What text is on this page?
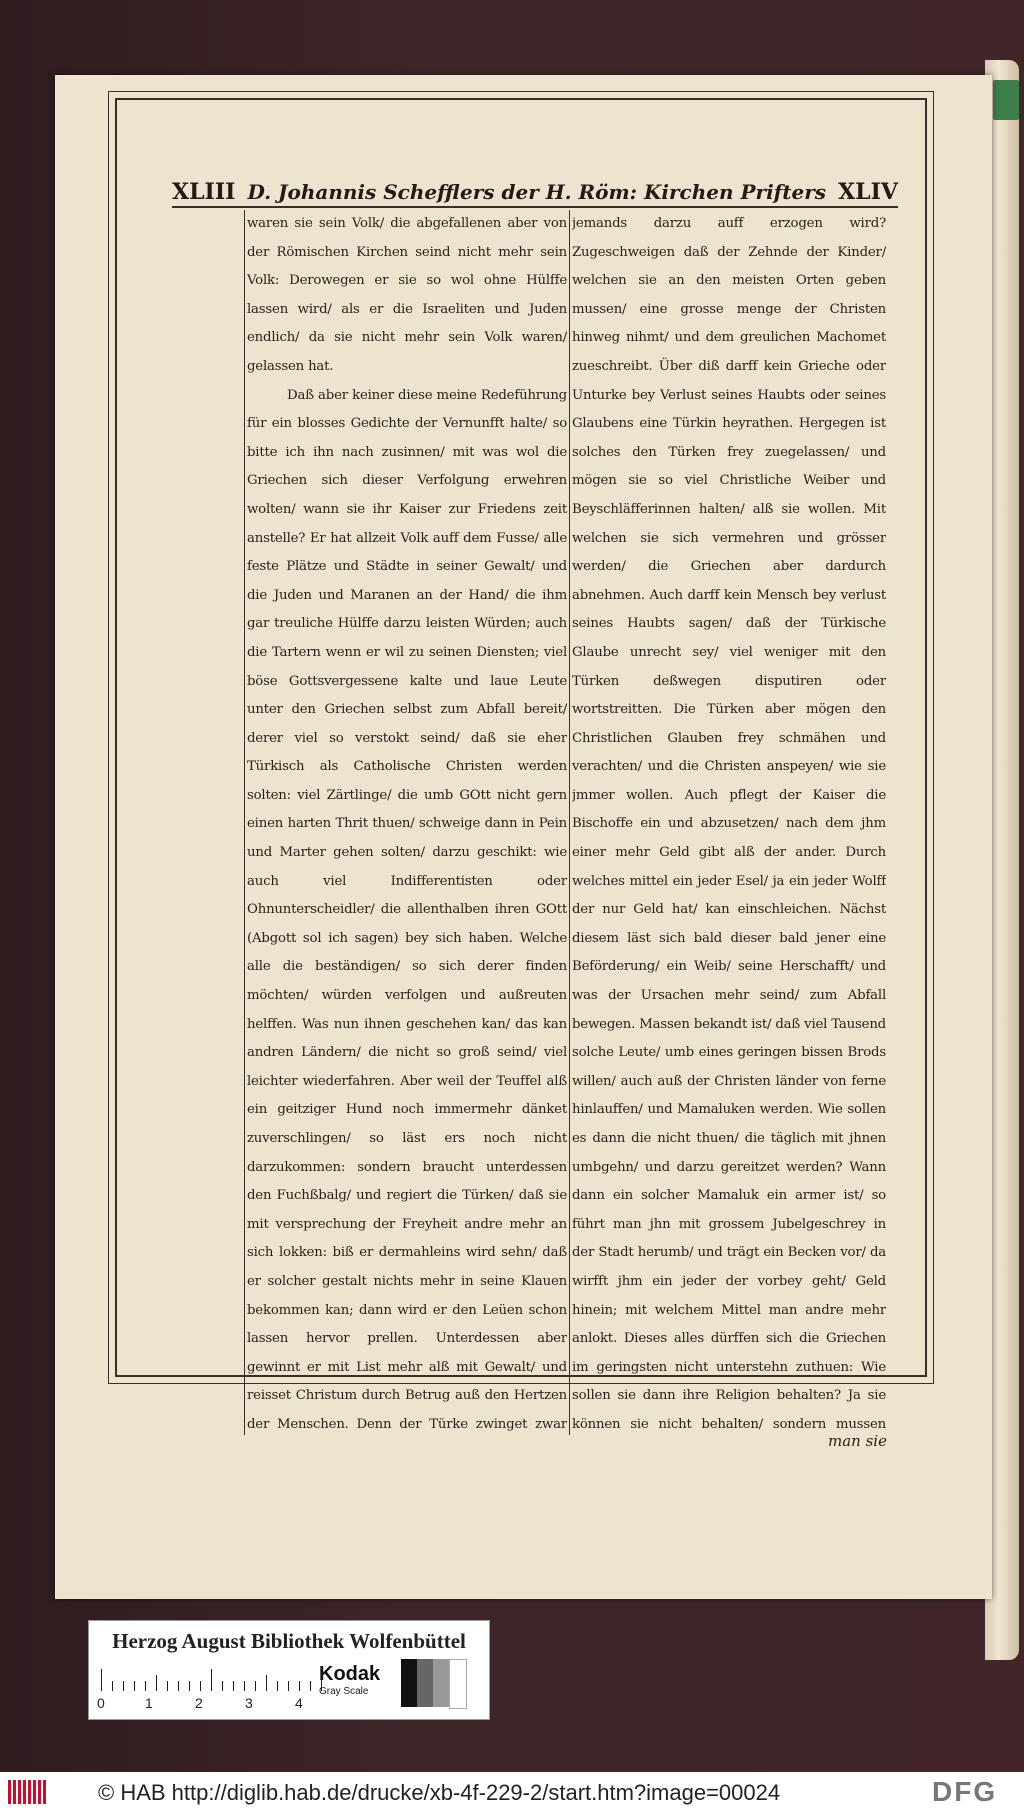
XLIII D. Johannis Schefflers der H. Röm: Kirchen Prifters XLIV

waren sie sein Volk/ die abgefallenen aber von der Römischen Kirchen seind nicht mehr sein Volk: Derowegen er sie so wol ohne Hülffe lassen wird/ als er die Israeliten und Juden endlich/ da sie nicht mehr sein Volk waren/ gelassen hat.

Daß aber keiner diese meine Redeführung für ein blosses Gedichte der Vernunfft halte/ so bitte ich ihn nach zusinnen/ mit was wol die Griechen sich dieser Verfolgung erwehren wolten/ wann sie ihr Kaiser zur Friedens zeit anstelle? Er hat allzeit Volk auff dem Fusse/ alle feste Plätze und Städte in seiner Gewalt/ und die Juden und Maranen an der Hand/ die ihm gar treuliche Hülffe darzu leisten Würden; auch die Tartern wenn er wil zu seinen Diensten; viel böse Gottsvergessene kalte und laue Leute unter den Griechen selbst zum Abfall bereit/ derer viel so verstokt seind/ daß sie eher Türkisch als Catholische Christen werden solten: viel Zärtlinge/ die umb GOtt nicht gern einen harten Thrit thuen/ schweige dann in Pein und Marter gehen solten/ darzu geschikt: wie auch viel Indifferentisten oder Ohnunterscheidler/ die allenthalben ihren GOtt (Abgott sol ich sagen) bey sich haben. Welche alle die beständigen/ so sich derer finden möchten/ würden verfolgen und außreuten helffen. Was nun ihnen geschehen kan/ das kan andren Ländern/ die nicht so groß seind/ viel leichter wiederfahren. Aber weil der Teuffel alß ein geitziger Hund noch immermehr dänket zuverschlingen/ so läst ers noch nicht darzukommen: sondern braucht unterdessen den Fuchßbalg/ und regiert die Türken/ daß sie mit versprechung der Freyheit andre mehr an sich lokken: biß er dermahleins wird sehn/ daß er solcher gestalt nichts mehr in seine Klauen bekommen kan; dann wird er den Leüen schon lassen hervor prellen. Unterdessen aber gewinnt er mit List mehr alß mit Gewalt/ und reisset Christum durch Betrug auß den Hertzen der Menschen. Denn der Türke zwinget zwar

jemands darzu auff erzogen wird? Zugeschweigen daß der Zehnde der Kinder/ welchen sie an den meisten Orten geben mussen/ eine grosse menge der Christen hinweg nihmt/ und dem greulichen Machomet zueschreibt. Über diß darff kein Grieche oder Unturke bey Verlust seines Haubts oder seines Glaubens eine Türkin heyrathen. Hergegen ist solches den Türken frey zuegelassen/ und mögen sie so viel Christliche Weiber und Beyschläfferinnen halten/ alß sie wollen. Mit welchen sie sich vermehren und grösser werden/ die Griechen aber dardurch abnehmen. Auch darff kein Mensch bey verlust seines Haubts sagen/ daß der Türkische Glaube unrecht sey/ viel weniger mit den Türken deßwegen disputiren oder wortstreitten. Die Türken aber mögen den Christlichen Glauben frey schmähen und verachten/ und die Christen anspeyen/ wie sie jmmer wollen. Auch pflegt der Kaiser die Bischoffe ein und abzusetzen/ nach dem jhm einer mehr Geld gibt alß der ander. Durch welches mittel ein jeder Esel/ ja ein jeder Wolff der nur Geld hat/ kan einschleichen. Nächst diesem läst sich bald dieser bald jener eine Beförderung/ ein Weib/ seine Herschafft/ und was der Ursachen mehr seind/ zum Abfall bewegen. Massen bekandt ist/ daß viel Tausend solche Leute/ umb eines geringen bissen Brods willen/ auch auß der Christen länder von ferne hinlauffen/ und Mamaluken werden. Wie sollen es dann die nicht thuen/ die täglich mit jhnen umbgehn/ und darzu gereitzet werden? Wann dann ein solcher Mamaluk ein armer ist/ so führt man jhn mit grossem Jubelgeschrey in der Stadt herumb/ und trägt ein Becken vor/ da wirfft jhm ein jeder der vorbey geht/ Geld hinein; mit welchem Mittel man andre mehr anlokt. Dieses alles dürffen sich die Griechen im geringsten nicht unterstehn zuthuen: Wie sollen sie dann ihre Religion behalten? Ja sie können sie nicht behalten/ sondern mussen

man sie
Herzog August Bibliothek Wolfenbüttel
0	1	2	3	4
Kodak
Gray Scale
© HAB http://diglib.hab.de/drucke/xb-4f-229-2/start.htm?image=00024	DFG
